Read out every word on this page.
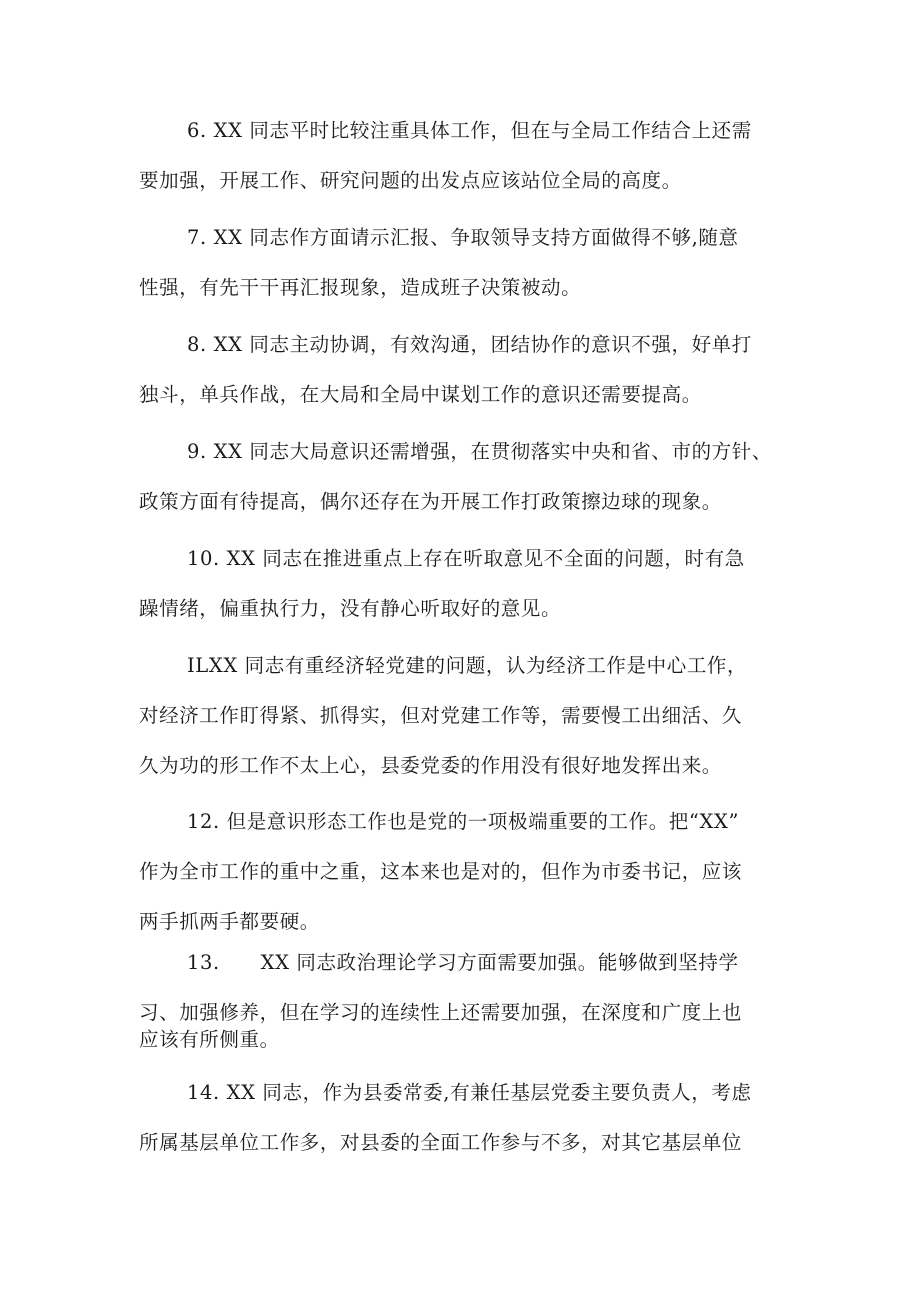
6. XX 同志平时比较注重具体工作，但在与全局工作结合上还需
要加强，开展工作、研究问题的出发点应该站位全局的高度。
7. XX 同志作方面请示汇报、争取领导支持方面做得不够,随意
性强，有先干干再汇报现象，造成班子决策被动。
8. XX 同志主动协调，有效沟通，团结协作的意识不强，好单打
独斗，单兵作战，在大局和全局中谋划工作的意识还需要提高。
9. XX 同志大局意识还需增强，在贯彻落实中央和省、市的方针、
政策方面有待提高，偶尔还存在为开展工作打政策擦边球的现象。
10. XX 同志在推进重点上存在听取意见不全面的问题，时有急
躁情绪，偏重执行力，没有静心听取好的意见。
ILXX 同志有重经济轻党建的问题，认为经济工作是中心工作，
对经济工作盯得紧、抓得实，但对党建工作等，需要慢工出细活、久
久为功的形工作不太上心，县委党委的作用没有很好地发挥出来。
12. 但是意识形态工作也是党的一项极端重要的工作。把“XX”
作为全市工作的重中之重，这本来也是对的，但作为市委书记，应该
两手抓两手都要硬。
13.      XX 同志政治理论学习方面需要加强。能够做到坚持学
习、加强修养，但在学习的连续性上还需要加强，在深度和广度上也
应该有所侧重。
14. XX 同志，作为县委常委,有兼任基层党委主要负责人，考虑
所属基层单位工作多，对县委的全面工作参与不多，对其它基层单位
